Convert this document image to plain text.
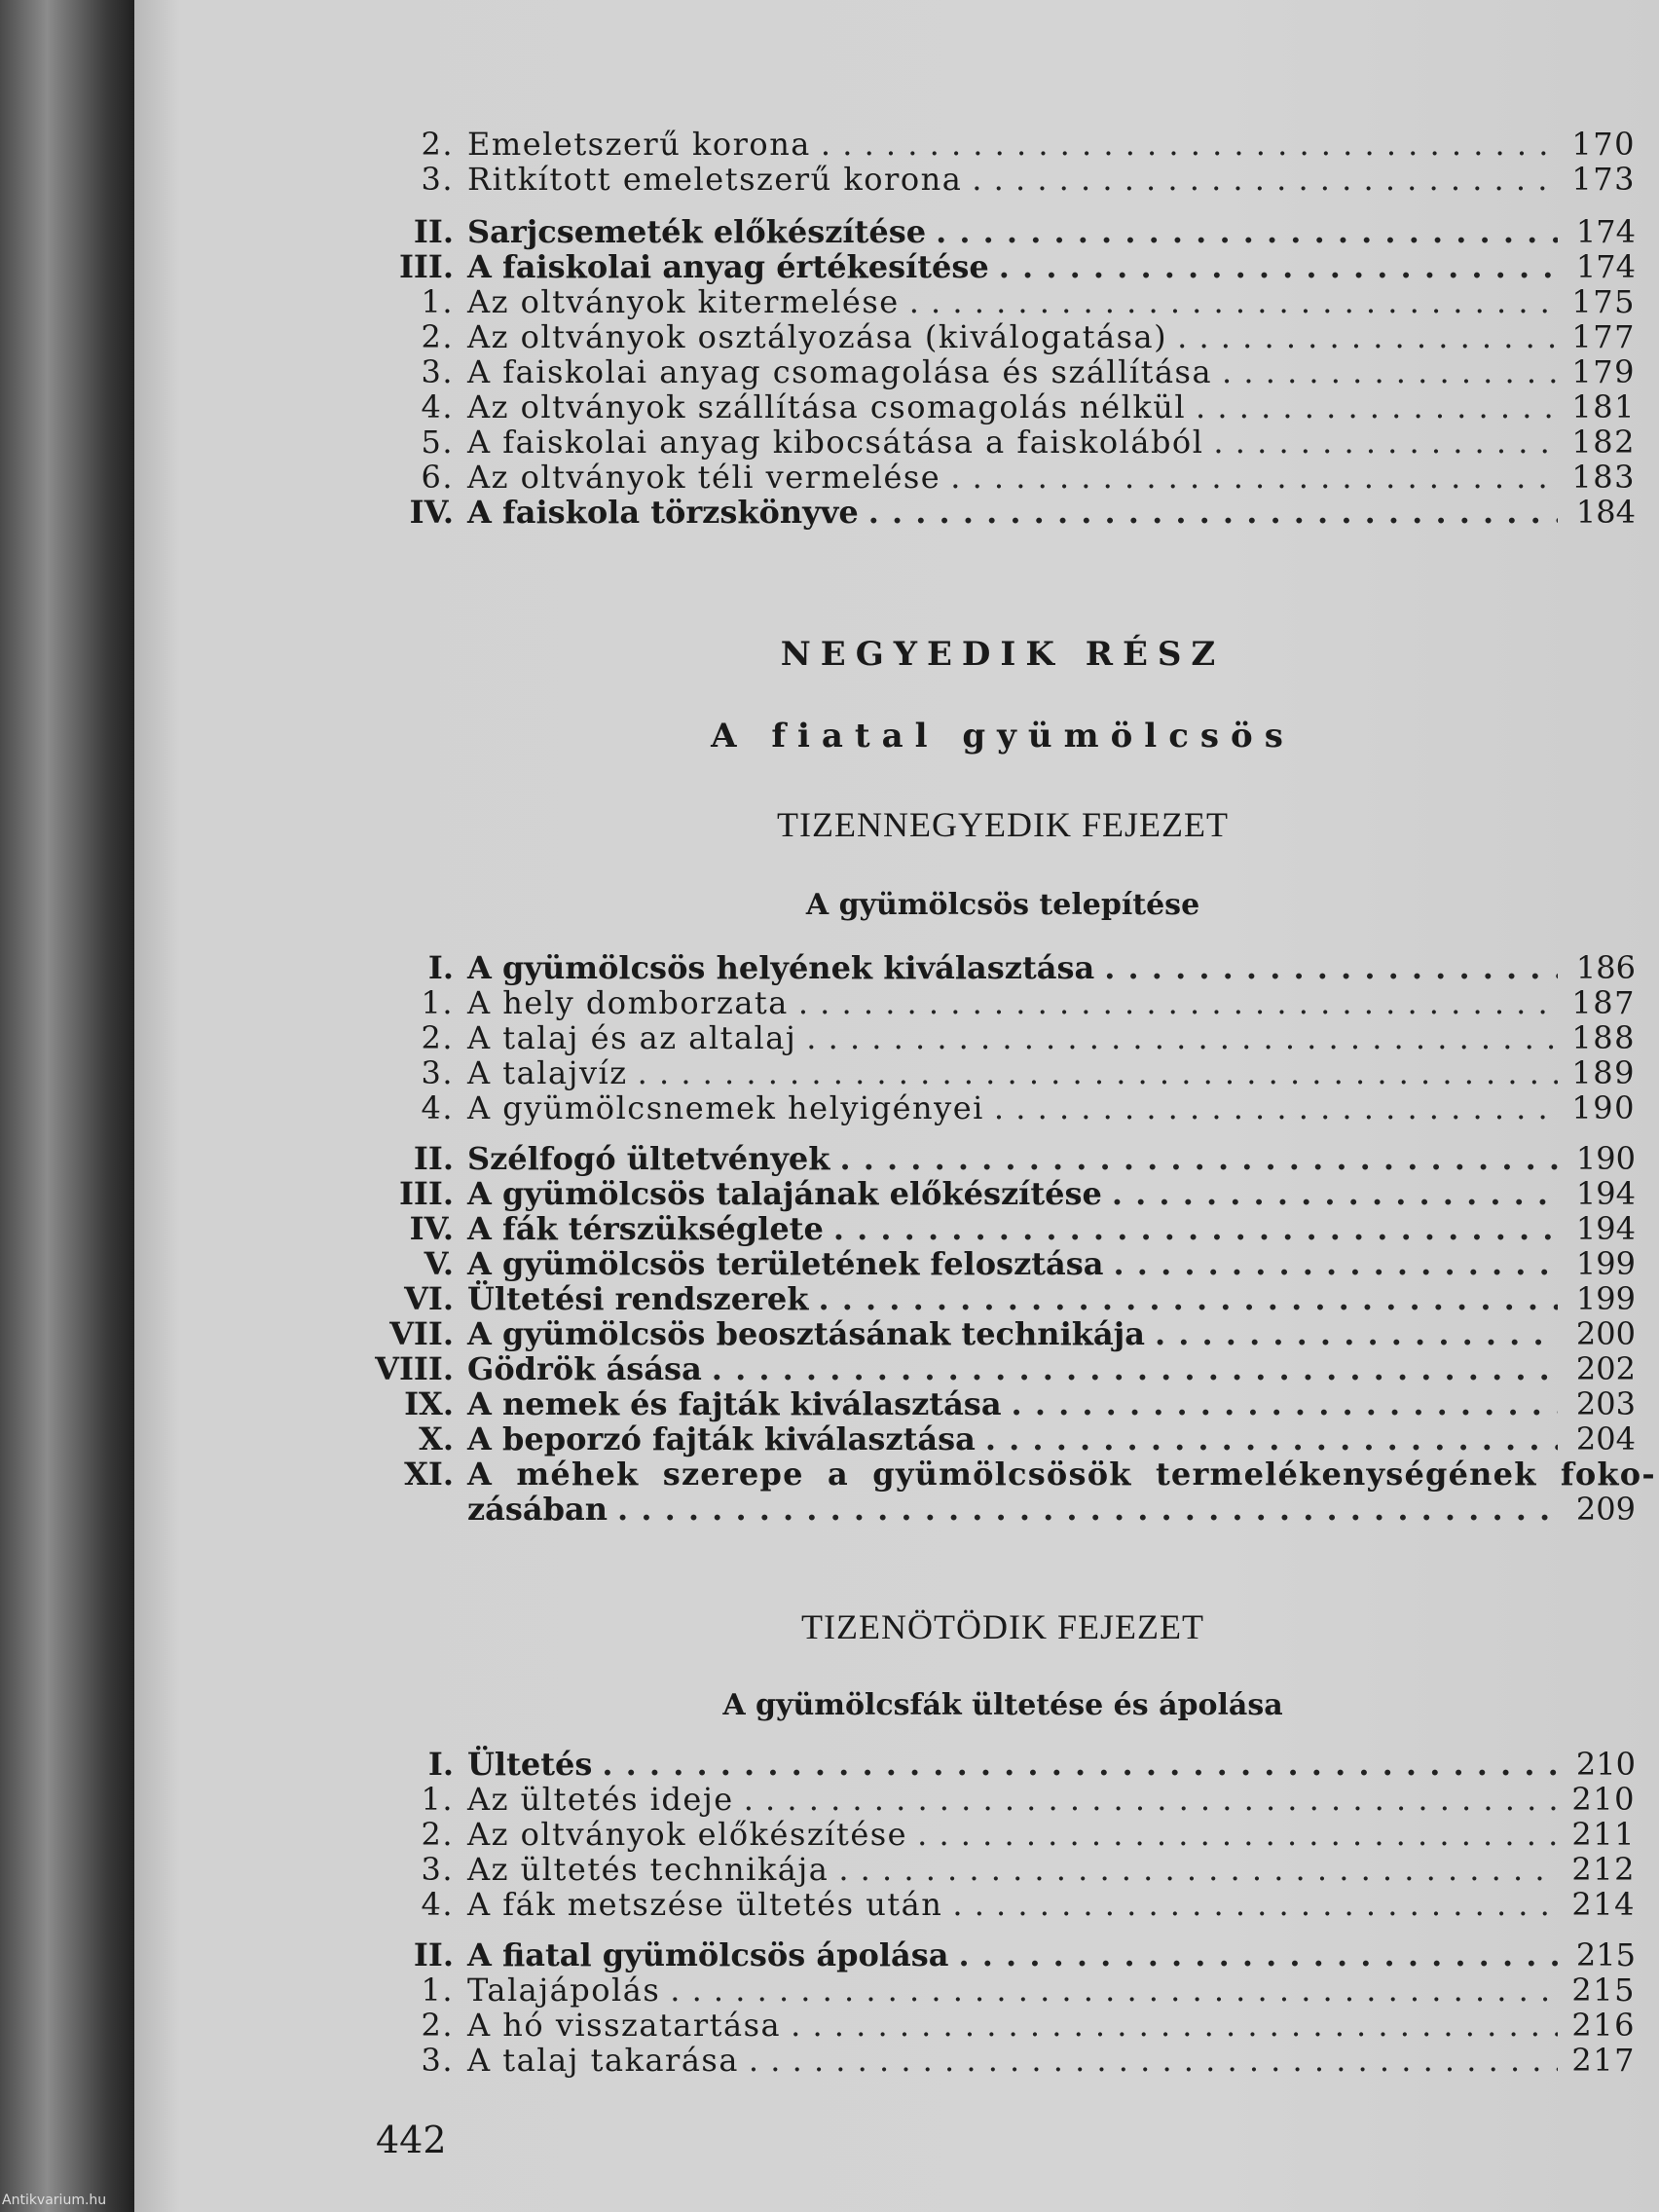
2. Emeletszerű korona . . .	170
3. Ritkított emeletszerű korona . . .	173
II. Sarjcsemeték előkészítése . . .	174
III. A faiskolai anyag értékesítése . . .	174
1. Az oltványok kitermelése . . .	175
2. Az oltványok osztályozása (kiválogatása) . . .	177
3. A faiskolai anyag csomagolása és szállítása . . .	179
4. Az oltványok szállítása csomagolás nélkül . . .	181
5. A faiskolai anyag kibocsátása a faiskolából . . .	182
6. Az oltványok téli vermelése . . .	183
IV. A faiskola törzskönyve . . .	184
NEGYEDIK RÉSZ
A fiatal gyümölcsös
TIZENNEGYEDIK FEJEZET
A gyümölcsös telepítése
I. A gyümölcsös helyének kiválasztása . . .	186
1. A hely domborzata . . .	187
2. A talaj és az altalaj . . .	188
3. A talajvíz . . .	189
4. A gyümölcsnemek helyigényei . . .	190
II. Szélfogó ültetvények . . .	190
III. A gyümölcsös talajának előkészítése . . .	194
IV. A fák térszükséglete . . .	194
V. A gyümölcsös területének felosztása . . .	199
VI. Ültetési rendszerek . . .	199
VII. A gyümölcsös beosztásának technikája . . .	200
VIII. Gödrök ásása . . .	202
IX. A nemek és fajták kiválasztása . . .	203
X. A beporzó fajták kiválasztása . . .	204
XI. A méhek szerepe a gyümölcsösök termelékenységének foko-
zásában . . .	209
TIZENÖTÖDIK FEJEZET
A gyümölcsfák ültetése és ápolása
I. Ültetés . . .	210
1. Az ültetés ideje . . .	210
2. Az oltványok előkészítése . . .	211
3. Az ültetés technikája . . .	212
4. A fák metszése ültetés után . . .	214
II. A fiatal gyümölcsös ápolása . . .	215
1. Talajápolás . . .	215
2. A hó visszatartása . . .	216
3. A talaj takarása . . .	217
442
Antikvarium.hu
